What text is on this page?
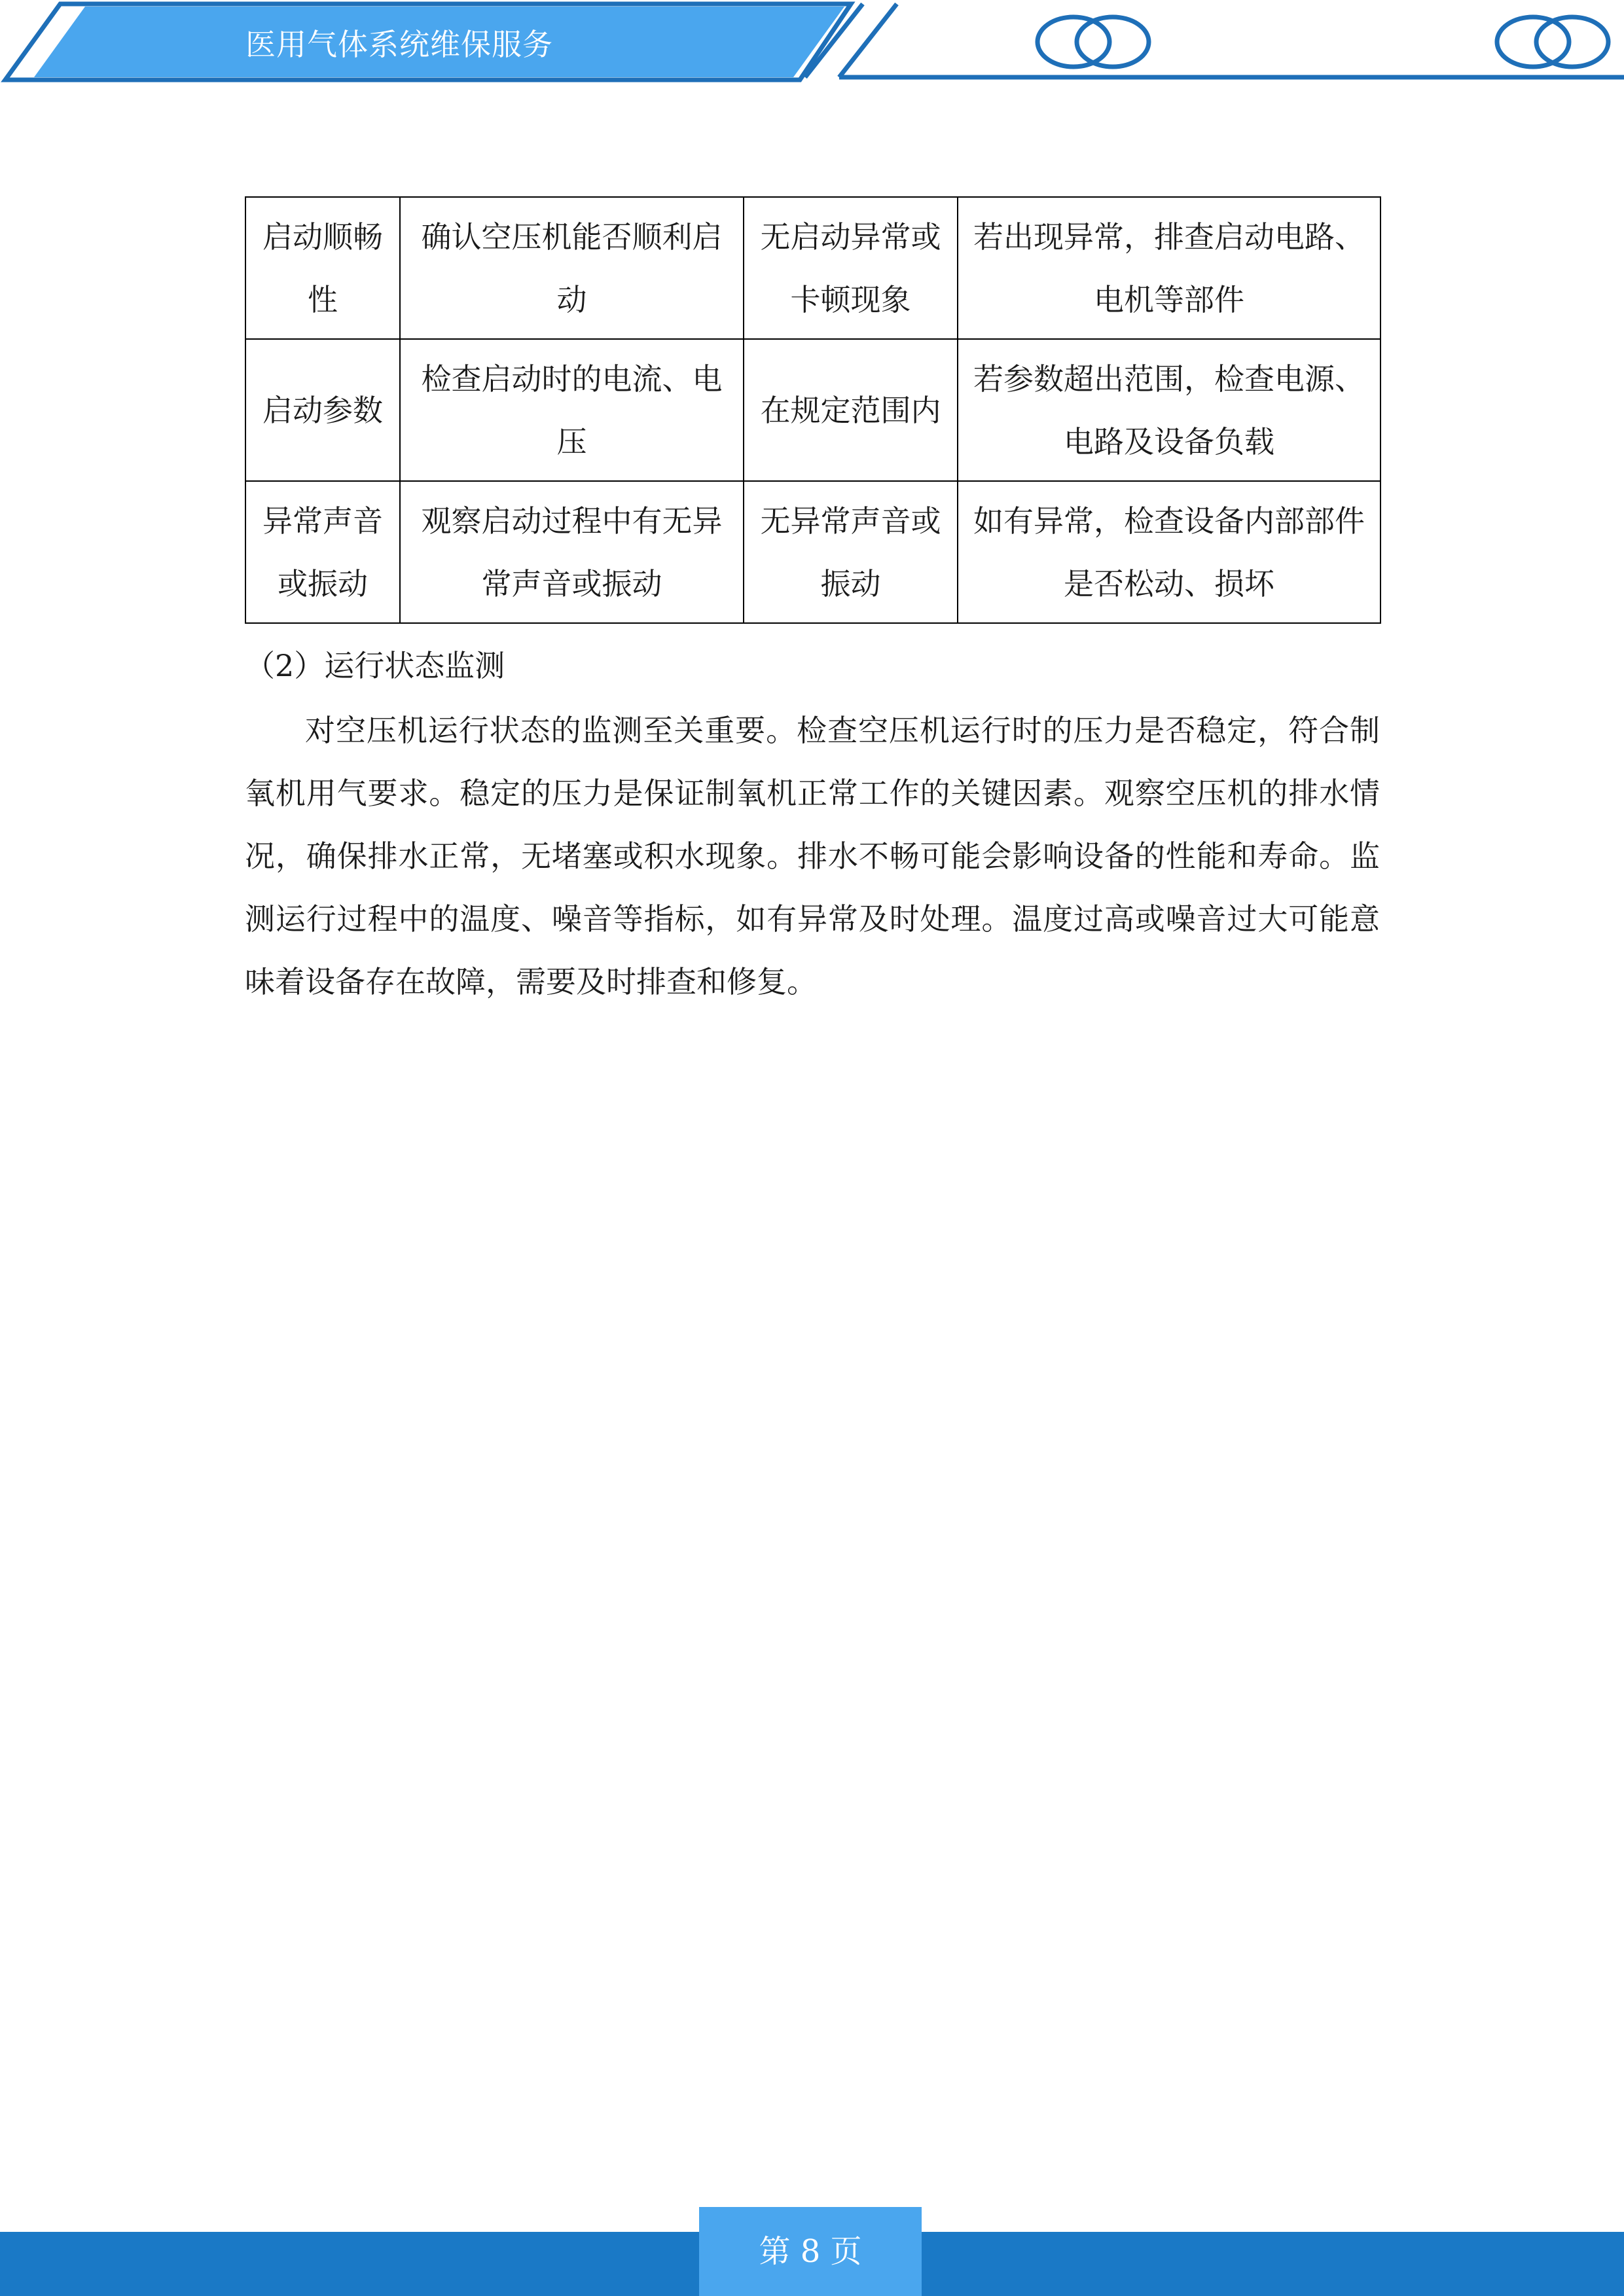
医用气体系统维保服务
启动顺畅性	确认空压机能否顺利启动	无启动异常或卡顿现象	若出现异常，排查启动电路、电机等部件
启动参数	检查启动时的电流、电压	在规定范围内	若参数超出范围，检查电源、电路及设备负载
异常声音或振动	观察启动过程中有无异常声音或振动	无异常声音或振动	如有异常，检查设备内部部件是否松动、损坏
（2）运行状态监测

对空压机运行状态的监测至关重要。检查空压机运行时的压力是否稳定，符合制氧机用气要求。稳定的压力是保证制氧机正常工作的关键因素。观察空压机的排水情况，确保排水正常，无堵塞或积水现象。排水不畅可能会影响设备的性能和寿命。监测运行过程中的温度、噪音等指标，如有异常及时处理。温度过高或噪音过大可能意味着设备存在故障，需要及时排查和修复。

第 8 页
